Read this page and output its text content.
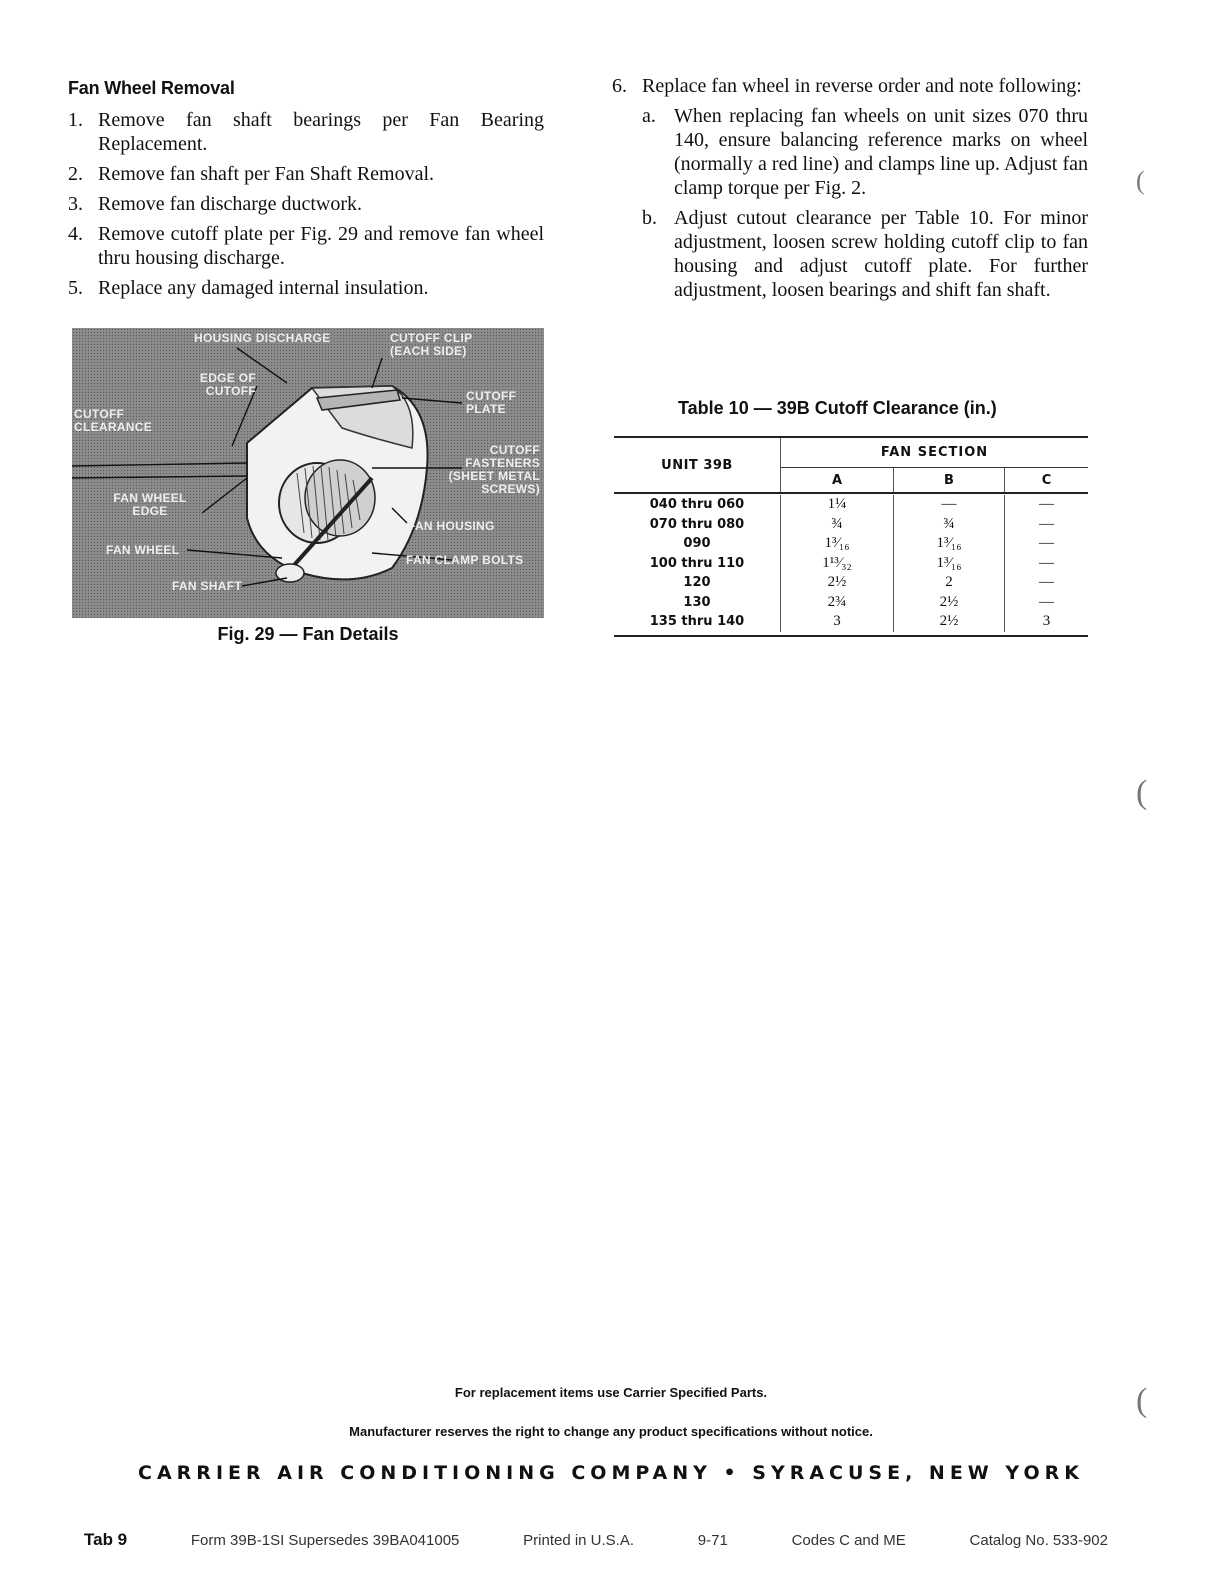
Fan Wheel Removal
1. Remove fan shaft bearings per Fan Bearing Replacement.
2. Remove fan shaft per Fan Shaft Removal.
3. Remove fan discharge ductwork.
4. Remove cutoff plate per Fig. 29 and remove fan wheel thru housing discharge.
5. Replace any damaged internal insulation.
HOUSING DISCHARGE	CUTOFF CLIP (EACH SIDE)
EDGE OF CUTOFF	CUTOFF PLATE
CUTOFF CLEARANCE
CUTOFF FASTENERS (SHEET METAL SCREWS)
FAN WHEEL EDGE
FAN HOUSING
FAN WHEEL
FAN CLAMP BOLTS
FAN SHAFT
Fig. 29 — Fan Details
6. Replace fan wheel in reverse order and note following:
a. When replacing fan wheels on unit sizes 070 thru 140, ensure balancing reference marks on wheel (normally a red line) and clamps line up. Adjust fan clamp torque per Fig. 2.
b. Adjust cutout clearance per Table 10. For minor adjustment, loosen screw holding cutoff clip to fan housing and adjust cutoff plate. For further adjustment, loosen bearings and shift fan shaft.
Table 10 — 39B Cutoff Clearance (in.)
UNIT 39B
FAN SECTION
A	B	C
040 thru 060	1¼	—	—
070 thru 080	¾	¾	—
090	1³⁄₁₆	1³⁄₁₆	—
100 thru 110	1¹³⁄₃₂	1³⁄₁₆	—
120	2½	2	—
130	2¾	2½	—
135 thru 140	3	2½	3
(
(
(
For replacement items use Carrier Specified Parts.
Manufacturer reserves the right to change any product specifications without notice.
CARRIER AIR CONDITIONING COMPANY • SYRACUSE, NEW YORK
Tab 9	Form 39B-1SI Supersedes 39BA041005	Printed in U.S.A.	9-71	Codes C and ME	Catalog No. 533-902
